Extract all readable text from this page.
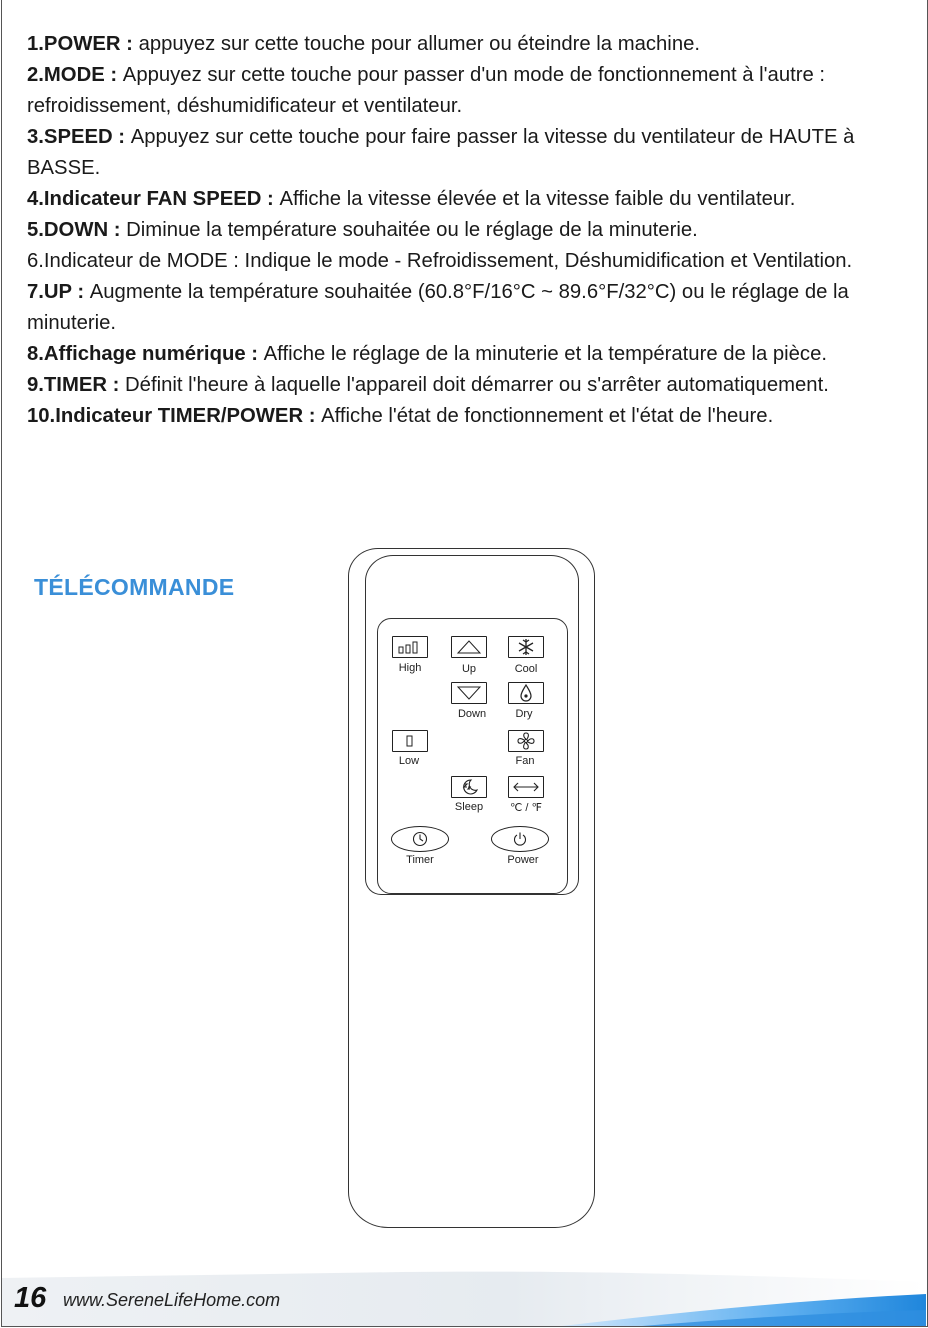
1.POWER : appuyez sur cette touche pour allumer ou éteindre la machine.

2.MODE : Appuyez sur cette touche pour passer d'un mode de fonctionnement à l'autre : refroidissement, déshumidificateur et ventilateur.

3.SPEED : Appuyez sur cette touche pour faire passer la vitesse du ventilateur de HAUTE à BASSE.

4.Indicateur FAN SPEED : Affiche la vitesse élevée et la vitesse faible du ventilateur.

5.DOWN : Diminue la température souhaitée ou le réglage de la minuterie.

6.Indicateur de MODE : Indique le mode - Refroidissement, Déshumidification et Ventilation.

7.UP : Augmente la température souhaitée (60.8°F/16°C ~ 89.6°F/32°C) ou le réglage de la minuterie.

8.Affichage numérique : Affiche le réglage de la minuterie et la température de la pièce.

9.TIMER : Définit l'heure à laquelle l'appareil doit démarrer ou s'arrêter automatiquement.

10.Indicateur TIMER/POWER : Affiche l'état de fonctionnement et l'état de l'heure.

TÉLÉCOMMANDE
High	Up	Cool
Down	Dry
Low	Fan
Sleep	℃ / ℉
Timer	Power
16 www.SereneLifeHome.com
